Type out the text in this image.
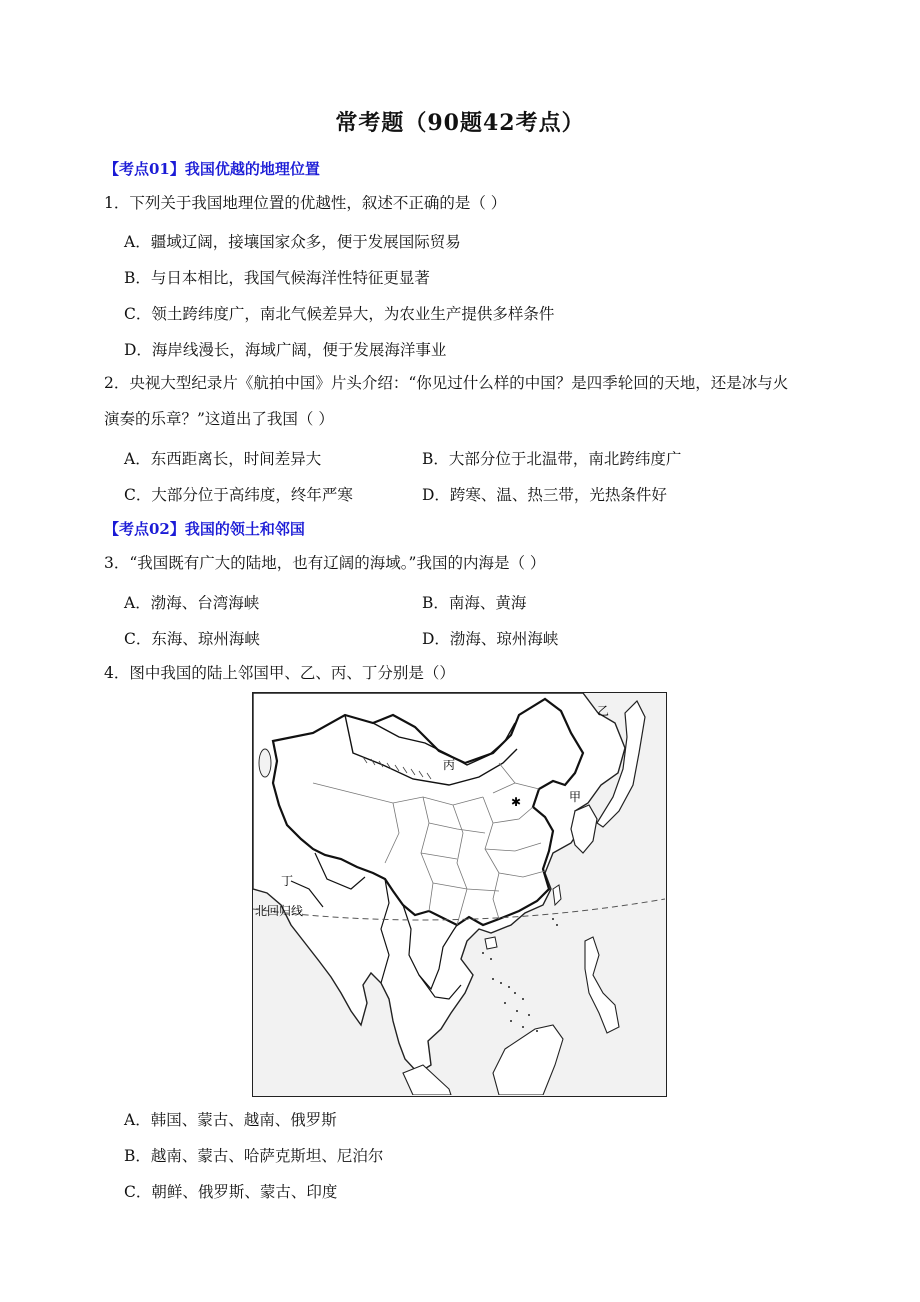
常考题（90题42考点）
【考点01】我国优越的地理位置
1．下列关于我国地理位置的优越性，叙述不正确的是（ ）
A．疆域辽阔，接壤国家众多，便于发展国际贸易
B．与日本相比，我国气候海洋性特征更显著
C．领土跨纬度广，南北气候差异大，为农业生产提供多样条件
D．海岸线漫长，海域广阔，便于发展海洋事业
2．央视大型纪录片《航拍中国》片头介绍：“你见过什么样的中国？是四季轮回的天地，还是冰与火
演奏的乐章？”这道出了我国（ ）
A．东西距离长，时间差异大	B．大部分位于北温带，南北跨纬度广
C．大部分位于高纬度，终年严寒	D．跨寒、温、热三带，光热条件好
【考点02】我国的领土和邻国
3．“我国既有广大的陆地，也有辽阔的海域。”我国的内海是（ ）
A．渤海、台湾海峡	B．南海、黄海
C．东海、琼州海峡	D．渤海、琼州海峡
4．图中我国的陆上邻国甲、乙、丙、丁分别是（）
✱
乙
丙
甲
丁
北回归线
A．韩国、蒙古、越南、俄罗斯
B．越南、蒙古、哈萨克斯坦、尼泊尔
C．朝鲜、俄罗斯、蒙古、印度
